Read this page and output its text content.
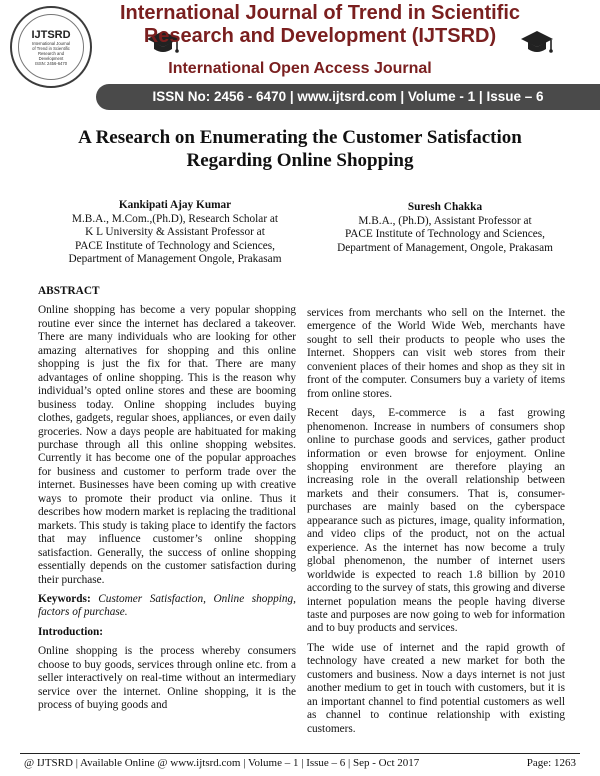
IJTSRD
International Journal
of Trend in Scientific
Research and
Development
ISSN: 2456-6470
International Journal of Trend in Scientific
Research and Development (IJTSRD)
International Open Access Journal
ISSN No: 2456 - 6470 | www.ijtsrd.com | Volume - 1 | Issue – 6
A Research on Enumerating the Customer Satisfaction
Regarding Online Shopping
Kankipati Ajay Kumar
M.B.A., M.Com.,(Ph.D), Research Scholar at
K L University & Assistant Professor at
PACE Institute of Technology and Sciences,
Department of Management Ongole, Prakasam
Suresh Chakka
M.B.A., (Ph.D), Assistant Professor at
PACE Institute of Technology and Sciences,
Department of Management, Ongole, Prakasam
ABSTRACT

Online shopping has become a very popular shopping routine ever since the internet has declared a takeover. There are many individuals who are looking for other amazing alternatives for shopping and this online shopping is just the fix for that. There are many advantages of online shopping. This is the reason why individual’s opted online stores and these are booming business today. Online shopping includes buying clothes, gadgets, regular shoes, appliances, or even daily groceries. Now a days people are habituated for making purchase through all this online shopping websites. Currently it has become one of the popular approaches for business and customer to perform trade over the internet. Businesses have been coming up with creative ways to promote their product via online. Thus it describes how modern market is replacing the traditional markets. This study is taking place to identify the factors that may influence customer’s online shopping satisfaction. Generally, the success of online shopping essentially depends on the customer satisfaction during their purchase.

Keywords: Customer Satisfaction, Online shopping, factors of purchase.

Introduction:

Online shopping is the process whereby consumers choose to buy goods, services through online etc. from a seller interactively on real-time without an intermediary service over the internet. Online shopping, it is the process of buying goods and

services from merchants who sell on the Internet. the emergence of the World Wide Web, merchants have sought to sell their products to people who uses the Internet. Shoppers can visit web stores from their convenient places of their homes and shop as they sit in front of the computer. Consumers buy a variety of items from online stores.

Recent days, E-commerce is a fast growing phenomenon. Increase in numbers of consumers shop online to purchase goods and services, gather product information or even browse for enjoyment. Online shopping environment are therefore playing an increasing role in the overall relationship between markets and their consumers. That is, consumer-purchases are mainly based on the cyberspace appearance such as pictures, image, quality information, and video clips of the product, not on the actual experience. As the internet has now become a truly global phenomenon, the number of internet users worldwide is expected to reach 1.8 billion by 2010 according to the survey of stats, this growing and diverse internet population means the people having diverse taste and purposes are now going to web for information and to buy products and services.

The wide use of internet and the rapid growth of technology have created a new market for both the customers and business. Now a days internet is not just another medium to get in touch with customers, but it is an important channel to find potential customers as well as channel to continue relationship with existing customers.

@ IJTSRD | Available Online @ www.ijtsrd.com | Volume – 1 | Issue – 6 | Sep - Oct 2017	Page: 1263
